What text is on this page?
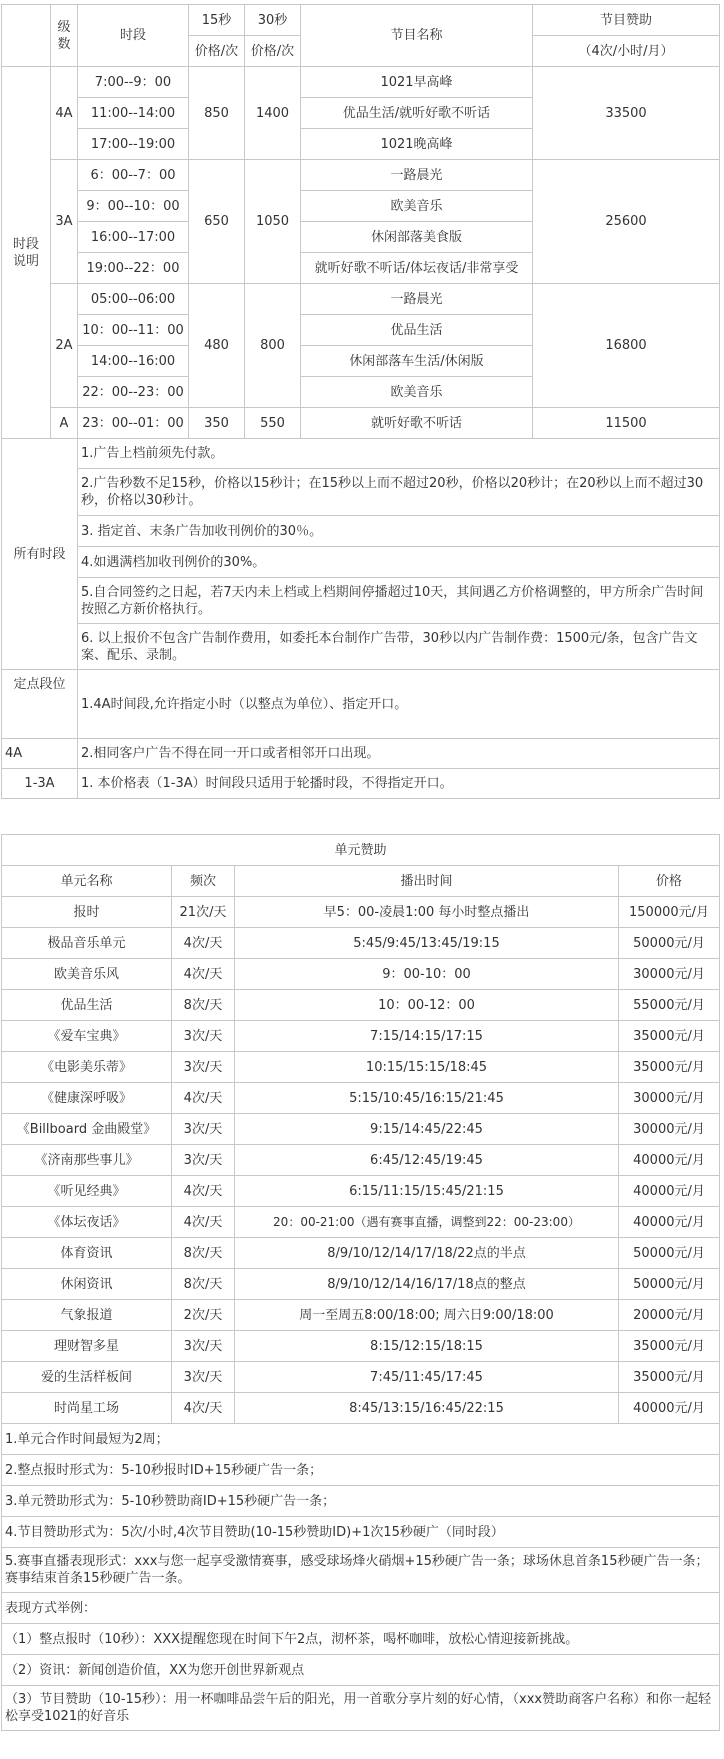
	级
数	时段	15秒	30秒	节目名称	节目赞助
			价格/次	价格/次		（4次/小时/月）
时段
说明	4A	7:00--9：00	850	1400	1021早高峰	33500
		11:00--14:00			优品生活/就听好歌不听话	
		17:00--19:00			1021晚高峰	
	3A	6：00--7：00	650	1050	一路晨光	25600
		9：00--10：00			欧美音乐	
		16:00--17:00			休闲部落美食版	
		19:00--22：00			就听好歌不听话/体坛夜话/非常享受	
	2A	05:00--06:00	480	800	一路晨光	16800
		10：00--11：00			优品生活	
		14:00--16:00			休闲部落车生活/休闲版	
		22：00--23：00			欧美音乐	
	A	23：00--01：00	350	550	就听好歌不听话	11500
所有时段		1.广告上档前须先付款。				
		2.广告秒数不足15秒，价格以15秒计；在15秒以上而不超过20秒，价格以20秒计；在20秒以上而不超过30秒，价格以30秒计。				
		3. 指定首、末条广告加收刊例价的30％。				
		4.如遇满档加收刊例价的30%。				
		5.自合同签约之日起，若7天内未上档或上档期间停播超过10天，其间遇乙方价格调整的，甲方所余广告时间按照乙方新价格执行。				
		6. 以上报价不包含广告制作费用，如委托本台制作广告带，30秒以内广告制作费：1500元/条，包含广告文案、配乐、录制。				
定点段位		1.4A时间段,允许指定小时（以整点为单位）、指定开口。				
4A		2.相同客户广告不得在同一开口或者相邻开口出现。				
1-3A		1. 本价格表（1-3A）时间段只适用于轮播时段，不得指定开口。				
单元赞助			
单元名称	频次	播出时间	价格
报时	21次/天	早5：00-凌晨1:00 每小时整点播出	150000元/月
极品音乐单元	4次/天	5:45/9:45/13:45/19:15	50000元/月
欧美音乐风	4次/天	9：00-10：00	30000元/月
优品生活	8次/天	10：00-12：00	55000元/月
《爱车宝典》	3次/天	7:15/14:15/17:15	35000元/月
《电影美乐蒂》	3次/天	10:15/15:15/18:45	35000元/月
《健康深呼吸》	4次/天	5:15/10:45/16:15/21:45	30000元/月
《Billboard 金曲殿堂》	3次/天	9:15/14:45/22:45	30000元/月
《济南那些事儿》	3次/天	6:45/12:45/19:45	40000元/月
《听见经典》	4次/天	6:15/11:15/15:45/21:15	40000元/月
《体坛夜话》	4次/天	20：00-21:00（遇有赛事直播，调整到22：00-23:00）	40000元/月
体育资讯	8次/天	8/9/10/12/14/17/18/22点的半点	50000元/月
休闲资讯	8次/天	8/9/10/12/14/16/17/18点的整点	50000元/月
气象报道	2次/天	周一至周五8:00/18:00; 周六日9:00/18:00	20000元/月
理财智多星	3次/天	8:15/12:15/18:15	35000元/月
爱的生活样板间	3次/天	7:45/11:45/17:45	35000元/月
时尚星工场	4次/天	8:45/13:15/16:45/22:15	40000元/月
1.单元合作时间最短为2周；			
2.整点报时形式为：5-10秒报时ID+15秒硬广告一条；			
3.单元赞助形式为：5-10秒赞助商ID+15秒硬广告一条；			
4.节目赞助形式为：5次/小时,4次节目赞助(10-15秒赞助ID)+1次15秒硬广（同时段）			
5.赛事直播表现形式：xxx与您一起享受激情赛事，感受球场烽火硝烟+15秒硬广告一条；球场休息首条15秒硬广告一条；赛事结束首条15秒硬广告一条。			
表现方式举例：			
（1）整点报时（10秒）：XXX提醒您现在时间下午2点，沏杯茶，喝杯咖啡，放松心情迎接新挑战。			
（2）资讯：新闻创造价值，XX为您开创世界新观点			
（3）节目赞助（10-15秒）：用一杯咖啡品尝午后的阳光，用一首歌分享片刻的好心情，（xxx赞助商客户名称）和你一起轻松享受1021的好音乐			
